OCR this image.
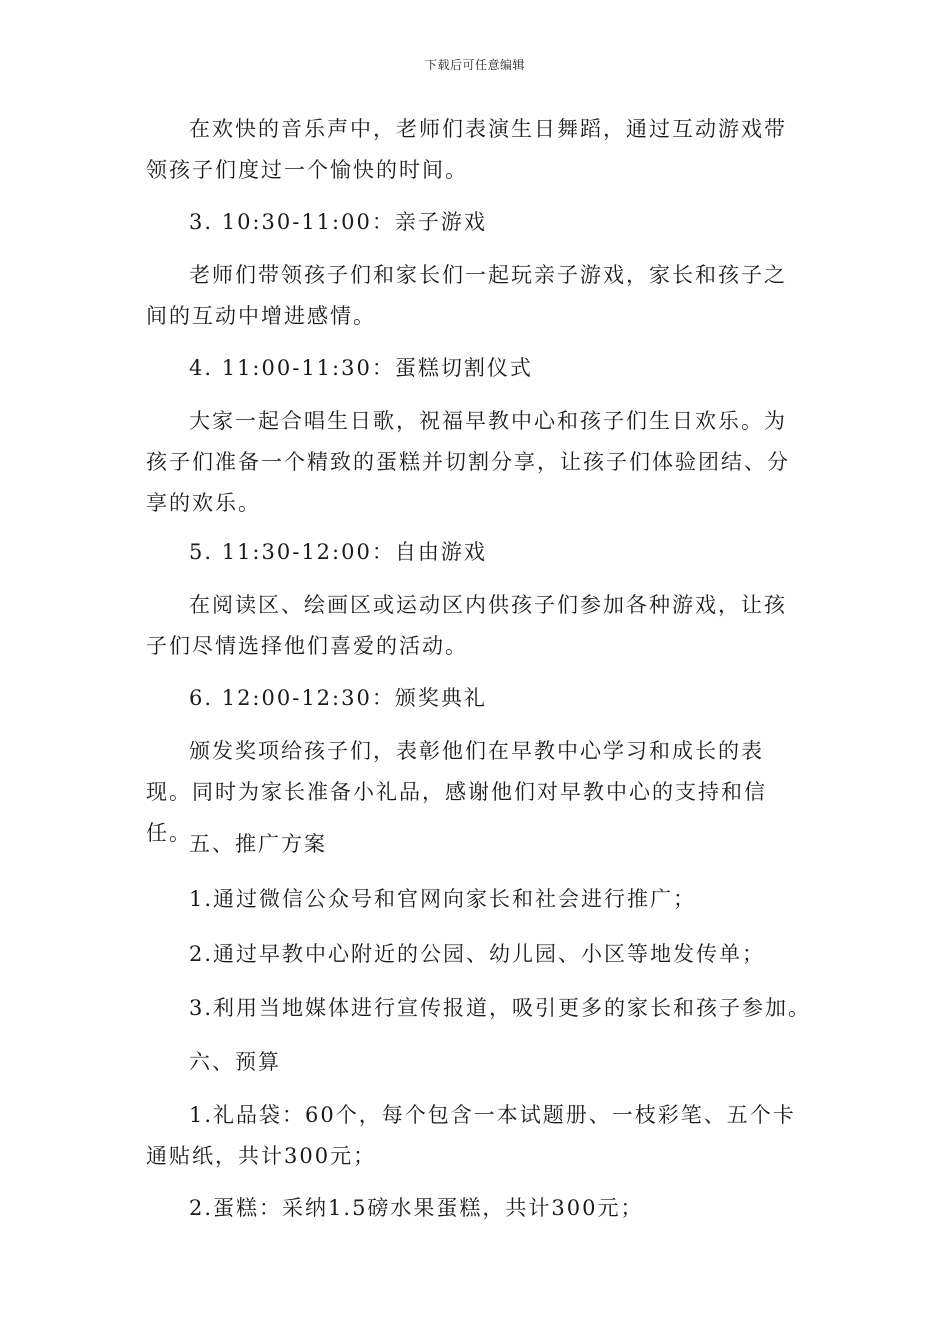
下载后可任意编辑

在欢快的音乐声中，老师们表演生日舞蹈，通过互动游戏带领孩子们度过一个愉快的时间。

3. 10:30-11:00：亲子游戏

老师们带领孩子们和家长们一起玩亲子游戏，家长和孩子之间的互动中增进感情。

4. 11:00-11:30：蛋糕切割仪式

大家一起合唱生日歌，祝福早教中心和孩子们生日欢乐。为孩子们准备一个精致的蛋糕并切割分享，让孩子们体验团结、分享的欢乐。

5. 11:30-12:00：自由游戏

在阅读区、绘画区或运动区内供孩子们参加各种游戏，让孩子们尽情选择他们喜爱的活动。

6. 12:00-12:30：颁奖典礼

颁发奖项给孩子们，表彰他们在早教中心学习和成长的表现。同时为家长准备小礼品，感谢他们对早教中心的支持和信任。

五、推广方案

1.通过微信公众号和官网向家长和社会进行推广；

2.通过早教中心附近的公园、幼儿园、小区等地发传单；

3.利用当地媒体进行宣传报道，吸引更多的家长和孩子参加。

六、预算

1.礼品袋：60个，每个包含一本试题册、一枝彩笔、五个卡通贴纸，共计300元；

2.蛋糕：采纳1.5磅水果蛋糕，共计300元；
